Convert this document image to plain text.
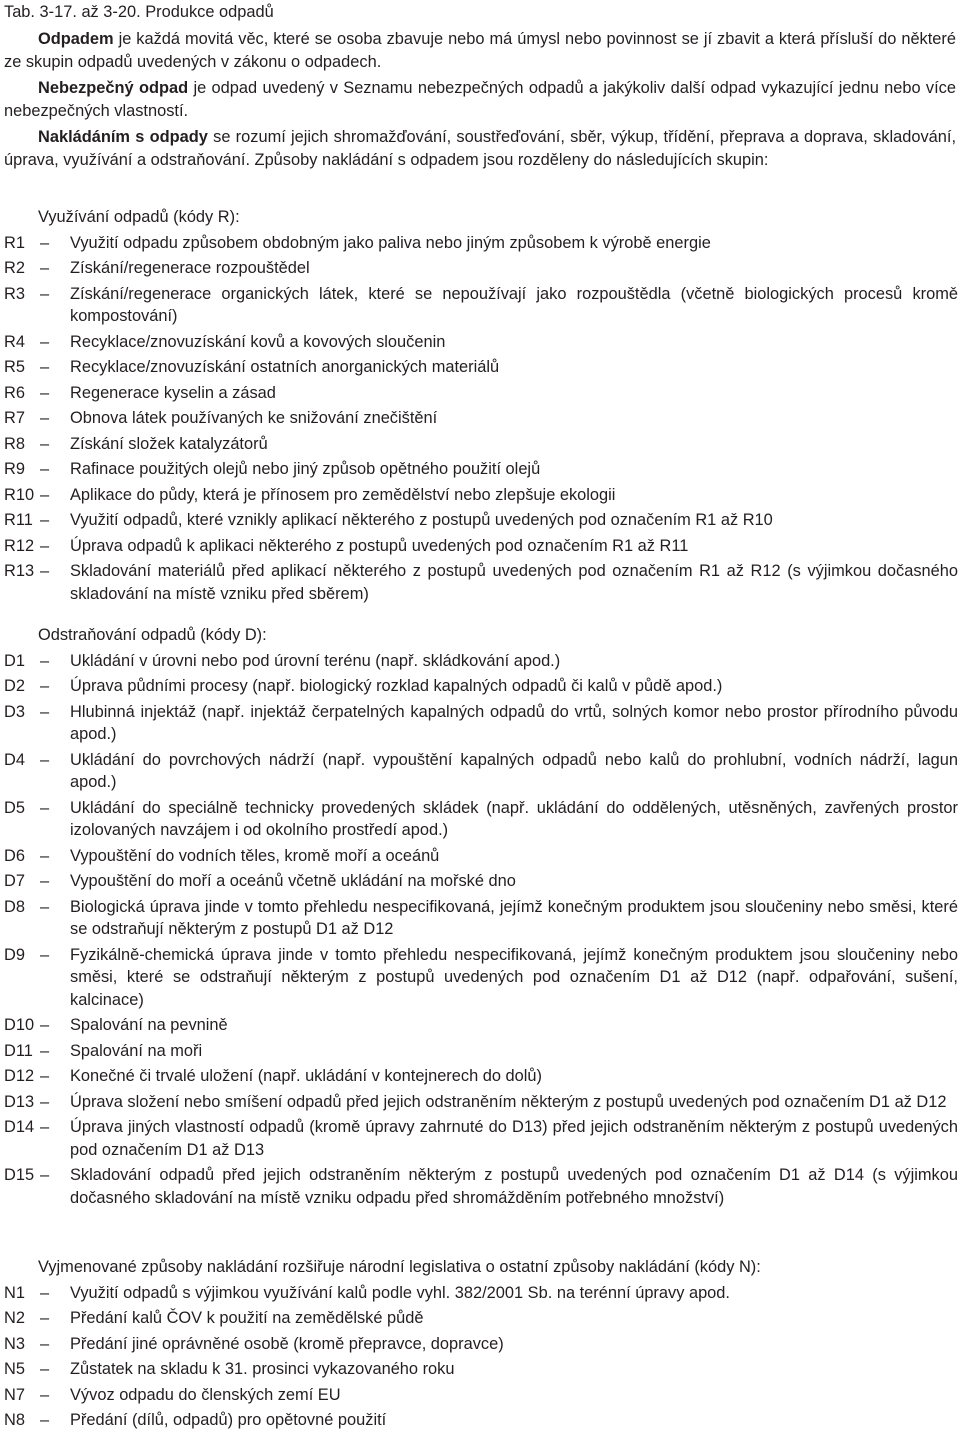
Tab. 3-17. až 3-20. Produkce odpadů

Odpadem je každá movitá věc, které se osoba zbavuje nebo má úmysl nebo povinnost se jí zbavit a která přísluší do některé ze skupin odpadů uvedených v zákonu o odpadech.

Nebezpečný odpad je odpad uvedený v Seznamu nebezpečných odpadů a jakýkoliv další odpad vykazující jednu nebo více nebezpečných vlastností.

Nakládáním s odpady se rozumí jejich shromažďování, soustřeďování, sběr, výkup, třídění, přeprava a doprava, skladování, úprava, využívání a odstraňování. Způsoby nakládání s odpadem jsou rozděleny do následujících skupin:

Využívání odpadů (kódy R):
R1 –	Využití odpadu způsobem obdobným jako paliva nebo jiným způsobem k výrobě energie
R2 –	Získání/regenerace rozpouštědel
R3 –	Získání/regenerace organických látek, které se nepoužívají jako rozpouštědla (včetně biologických procesů kromě kompostování)
R4 –	Recyklace/znovuzískání kovů a kovových sloučenin
R5 –	Recyklace/znovuzískání ostatních anorganických materiálů
R6 –	Regenerace kyselin a zásad
R7 –	Obnova látek používaných ke snižování znečištění
R8 –	Získání složek katalyzátorů
R9 –	Rafinace použitých olejů nebo jiný způsob opětného použití olejů
R10 –	Aplikace do půdy, která je přínosem pro zemědělství nebo zlepšuje ekologii
R11 –	Využití odpadů, které vznikly aplikací některého z postupů uvedených pod označením R1 až R10
R12 –	Úprava odpadů k aplikaci některého z postupů uvedených pod označením R1 až R11
R13 –	Skladování materiálů před aplikací některého z postupů uvedených pod označením R1 až R12 (s výjimkou dočasného skladování na místě vzniku před sběrem)
Odstraňování odpadů (kódy D):
D1 –	Ukládání v úrovni nebo pod úrovní terénu (např. skládkování apod.)
D2 –	Úprava půdními procesy (např. biologický rozklad kapalných odpadů či kalů v půdě apod.)
D3 –	Hlubinná injektáž (např. injektáž čerpatelných kapalných odpadů do vrtů, solných komor nebo prostor přírodního původu apod.)
D4 –	Ukládání do povrchových nádrží (např. vypouštění kapalných odpadů nebo kalů do prohlubní, vodních nádrží, lagun apod.)
D5 –	Ukládání do speciálně technicky provedených skládek (např. ukládání do oddělených, utěsněných, zavřených prostor izolovaných navzájem i od okolního prostředí apod.)
D6 –	Vypouštění do vodních těles, kromě moří a oceánů
D7 –	Vypouštění do moří a oceánů včetně ukládání na mořské dno
D8 –	Biologická úprava jinde v tomto přehledu nespecifikovaná, jejímž konečným produktem jsou sloučeniny nebo směsi, které se odstraňují některým z postupů D1 až D12
D9 –	Fyzikálně-chemická úprava jinde v tomto přehledu nespecifikovaná, jejímž konečným produktem jsou sloučeniny nebo směsi, které se odstraňují některým z postupů uvedených pod označením D1 až D12 (např. odpařování, sušení, kalcinace)
D10 –	Spalování na pevnině
D11 –	Spalování na moři
D12 –	Konečné či trvalé uložení (např. ukládání v kontejnerech do dolů)
D13 –	Úprava složení nebo smíšení odpadů před jejich odstraněním některým z postupů uvedených pod označením D1 až D12
D14 –	Úprava jiných vlastností odpadů (kromě úpravy zahrnuté do D13) před jejich odstraněním některým z postupů uvedených pod označením D1 až D13
D15 –	Skladování odpadů před jejich odstraněním některým z postupů uvedených pod označením D1 až D14 (s výjimkou dočasného skladování na místě vzniku odpadu před shromážděním potřebného množství)
Vyjmenované způsoby nakládání rozšiřuje národní legislativa o ostatní způsoby nakládání (kódy N):
N1 –	Využití odpadů s výjimkou využívání kalů podle vyhl. 382/2001 Sb. na terénní úpravy apod.
N2 –	Předání kalů ČOV k použití na zemědělské půdě
N3 –	Předání jiné oprávněné osobě (kromě přepravce, dopravce)
N5 –	Zůstatek na skladu k 31. prosinci vykazovaného roku
N7 –	Vývoz odpadu do členských zemí EU
N8 –	Předání (dílů, odpadů) pro opětovné použití
